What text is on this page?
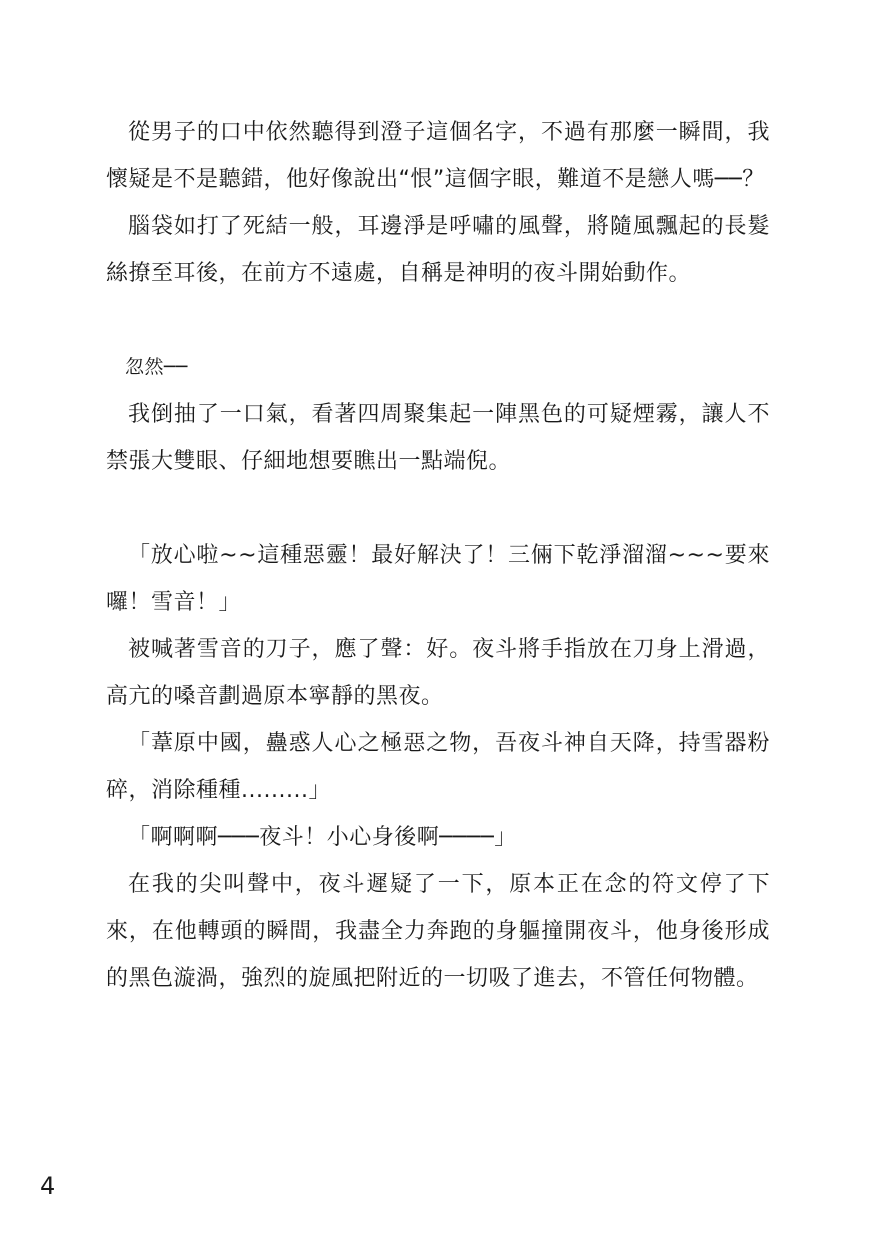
從男子的口中依然聽得到澄子這個名字，不過有那麼一瞬間，我懷疑是不是聽錯，他好像說出“恨”這個字眼，難道不是戀人嗎──？

腦袋如打了死結一般，耳邊淨是呼嘯的風聲，將隨風飄起的長髮絲撩至耳後，在前方不遠處，自稱是神明的夜斗開始動作。

忽然──

我倒抽了一口氣，看著四周聚集起一陣黑色的可疑煙霧，讓人不禁張大雙眼、仔細地想要瞧出一點端倪。

「放心啦~~這種惡靈！最好解決了！三倆下乾淨溜溜~~~要來囉！雪音！」

被喊著雪音的刀子，應了聲：好。夜斗將手指放在刀身上滑過，高亢的嗓音劃過原本寧靜的黑夜。

「葦原中國，蠱惑人心之極惡之物，吾夜斗神自天降，持雪器粉碎，消除種種.........」

「啊啊啊───夜斗！小心身後啊────」

在我的尖叫聲中，夜斗遲疑了一下，原本正在念的符文停了下來，在他轉頭的瞬間，我盡全力奔跑的身軀撞開夜斗，他身後形成的黑色漩渦，強烈的旋風把附近的一切吸了進去，不管任何物體。

4
